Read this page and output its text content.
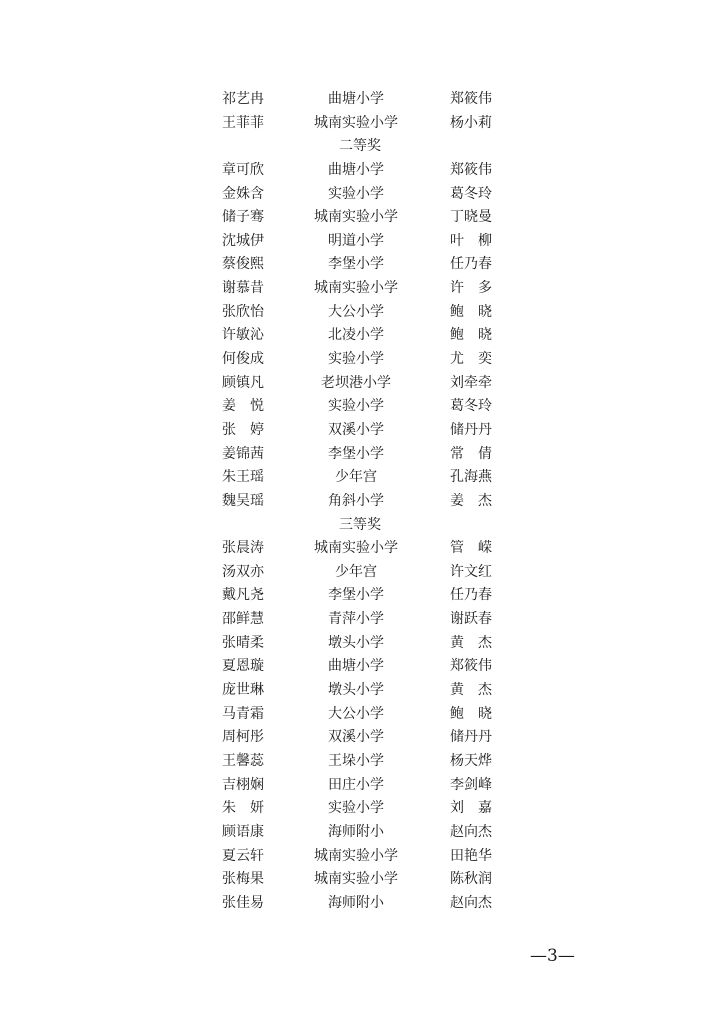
祁艺冉	曲塘小学	郑筱伟
王菲菲	城南实验小学	杨小莉
二等奖
章可欣	曲塘小学	郑筱伟
金姝含	实验小学	葛冬玲
储子骞	城南实验小学	丁晓曼
沈城伊	明道小学	叶　柳
蔡俊熙	李堡小学	任乃春
谢慕昔	城南实验小学	许　多
张欣怡	大公小学	鲍　晓
许敏沁	北凌小学	鲍　晓
何俊成	实验小学	尤　奕
顾镇凡	老坝港小学	刘牵牵
姜　悦	实验小学	葛冬玲
张　婷	双溪小学	储丹丹
姜锦茜	李堡小学	常　倩
朱王瑶	少年宫	孔海燕
魏吴瑶	角斜小学	姜　杰
三等奖
张晨涛	城南实验小学	管　嵘
汤双亦	少年宫	许文红
戴凡尧	李堡小学	任乃春
邵鲜慧	青萍小学	谢跃春
张晴柔	墩头小学	黄　杰
夏恩璇	曲塘小学	郑筱伟
庞世琳	墩头小学	黄　杰
马青霜	大公小学	鲍　晓
周柯彤	双溪小学	储丹丹
王馨蕊	王垛小学	杨天烨
吉栩娴	田庄小学	李剑峰
朱　妍	实验小学	刘　嘉
顾语康	海师附小	赵向杰
夏云轩	城南实验小学	田艳华
张梅果	城南实验小学	陈秋润
张佳易	海师附小	赵向杰
—3—
